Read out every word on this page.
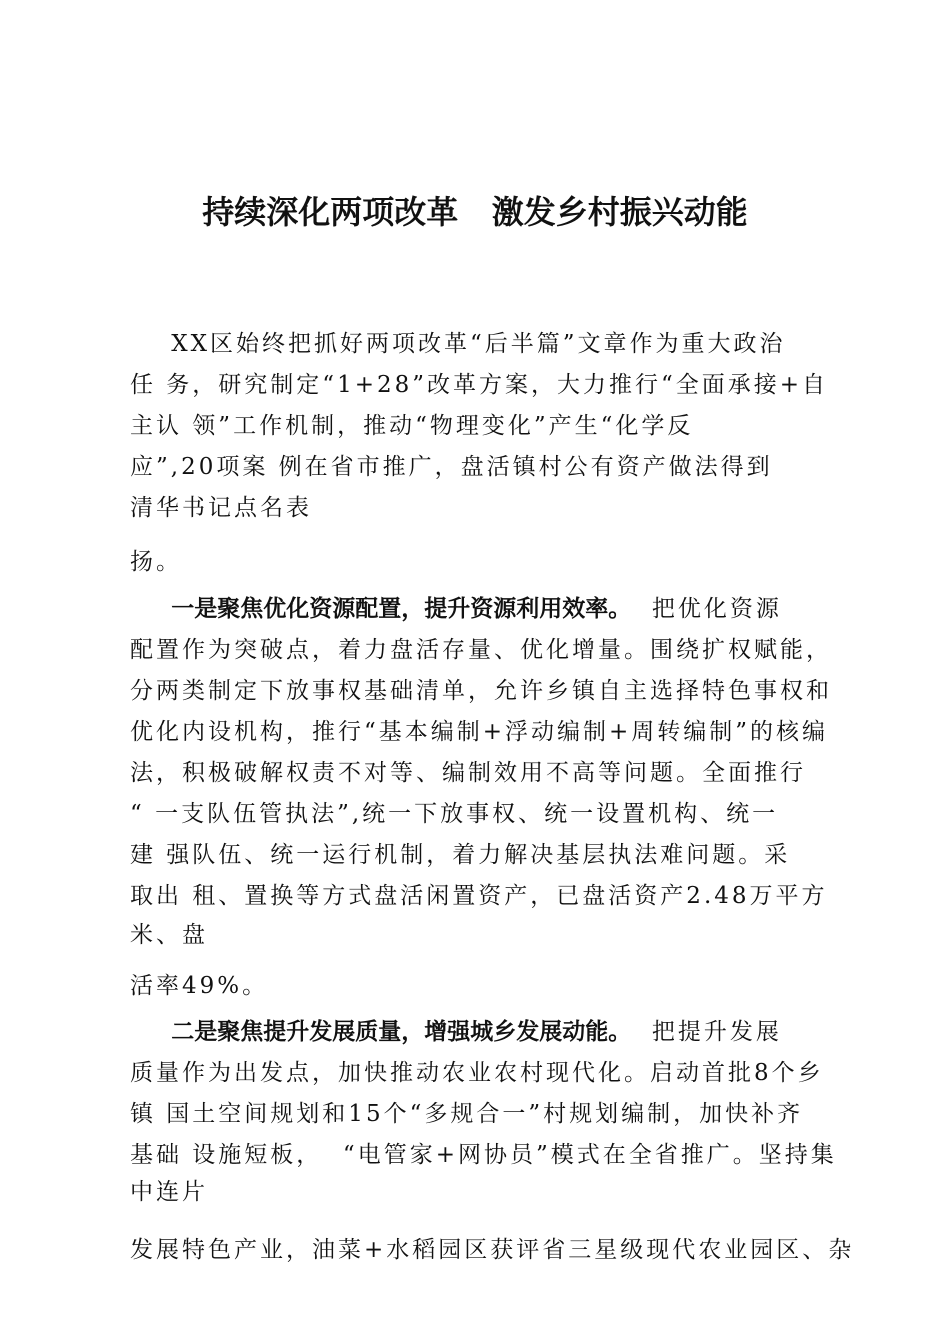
持续深化两项改革   激发乡村振兴动能
XX区始终把抓好两项改革“后半篇”文章作为重大政治
任 务，研究制定“1+28”改革方案，大力推行“全面承接+自
主认 领”工作机制，推动“物理变化”产生“化学反
应”,20项案 例在省市推广，盘活镇村公有资产做法得到
清华书记点名表
扬。
一是聚焦优化资源配置，提升资源利用效率。  把优化资源
配置作为突破点，着力盘活存量、优化增量。围绕扩权赋能，
分两类制定下放事权基础清单，允许乡镇自主选择特色事权和
优化内设机构，推行“基本编制+浮动编制+周转编制”的核编
法，积极破解权责不对等、编制效用不高等问题。全面推行
“ 一支队伍管执法”,统一下放事权、统一设置机构、统一
建 强队伍、统一运行机制，着力解决基层执法难问题。采
取出 租、置换等方式盘活闲置资产，已盘活资产2.48万平方
米、盘
活率49%。
二是聚焦提升发展质量，增强城乡发展动能。  把提升发展
质量作为出发点，加快推动农业农村现代化。启动首批8个乡
镇 国土空间规划和15个“多规合一”村规划编制，加快补齐
基础 设施短板，  “电管家+网协员”模式在全省推广。坚持集
中连片
发展特色产业，油菜+水稻园区获评省三星级现代农业园区、杂
